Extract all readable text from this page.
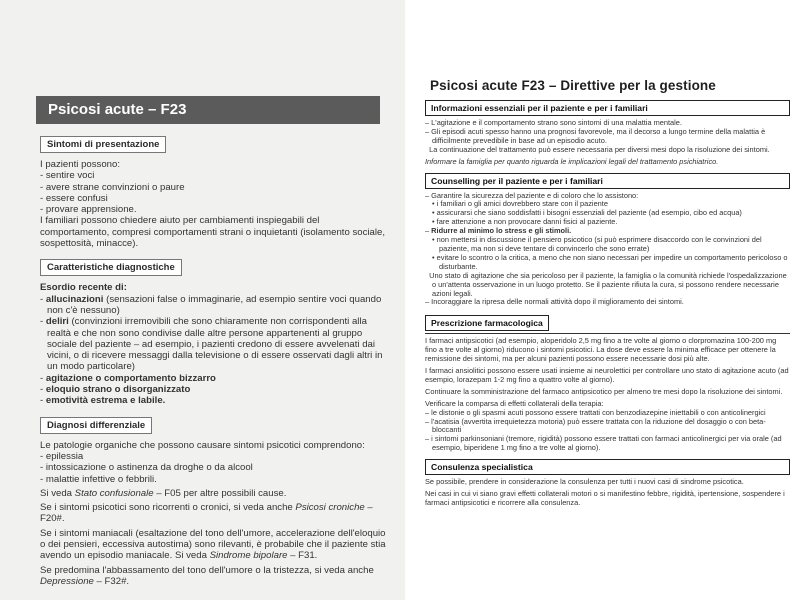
Psicosi acute – F23
Sintomi di presentazione

I pazienti possono:

- sentire voci
- avere strane convinzioni o paure
- essere confusi
- provare apprensione.

I familiari possono chiedere aiuto per cambiamenti inspiegabili del comportamento, compresi comportamenti strani o inquietanti (isolamento sociale, sospettosità, minacce).

Caratteristiche diagnostiche

Esordio recente di:

- allucinazioni (sensazioni false o immaginarie, ad esempio sentire voci quando non c'è nessuno)
- deliri (convinzioni irremovibili che sono chiaramente non corrispondenti alla realtà e che non sono condivise dalle altre persone appartenenti al gruppo sociale del paziente – ad esempio, i pazienti credono di essere avvelenati dai vicini, o di ricevere messaggi dalla televisione o di essere osservati dagli altri in un modo particolare)
- agitazione o comportamento bizzarro
- eloquio strano o disorganizzato
- emotività estrema e labile.
Diagnosi differenziale

Le patologie organiche che possono causare sintomi psicotici comprendono:

- epilessia
- intossicazione o astinenza da droghe o da alcool
- malattie infettive o febbrili.

Si veda Stato confusionale – F05 per altre possibili cause.

Se i sintomi psicotici sono ricorrenti o cronici, si veda anche Psicosi croniche – F20#.

Se i sintomi maniacali (esaltazione del tono dell'umore, accelerazione dell'eloquio o dei pensieri, eccessiva autostima) sono rilevanti, è probabile che il paziente stia avendo un episodio maniacale. Si veda Sindrome bipolare – F31.

Se predomina l'abbassamento del tono dell'umore o la tristezza, si veda anche Depressione – F32#.

Psicosi acute F23 – Direttive per la gestione
Informazioni essenziali per il paziente e per i familiari
– L'agitazione e il comportamento strano sono sintomi di una malattia mentale.
– Gli episodi acuti spesso hanno una prognosi favorevole, ma il decorso a lungo termine della malattia è difficilmente prevedibile in base ad un episodio acuto.
La continuazione del trattamento può essere necessaria per diversi mesi dopo la risoluzione dei sintomi.

Informare la famiglia per quanto riguarda le implicazioni legali del trattamento psichiatrico.

Counselling per il paziente e per i familiari
– Garantire la sicurezza del paziente e di coloro che lo assistono:
• i familiari o gli amici dovrebbero stare con il paziente
• assicurarsi che siano soddisfatti i bisogni essenziali del paziente (ad esempio, cibo ed acqua)
• fare attenzione a non provocare danni fisici al paziente.
– Ridurre al minimo lo stress e gli stimoli.
• non mettersi in discussione il pensiero psicotico (si può esprimere disaccordo con le convinzioni del paziente, ma non si deve tentare di convincerlo che sono errate)
• evitare lo scontro o la critica, a meno che non siano necessari per impedire un comportamento pericoloso o disturbante.
Uno stato di agitazione che sia pericoloso per il paziente, la famiglia o la comunità richiede l'ospedalizzazione o un'attenta osservazione in un luogo protetto. Se il paziente rifiuta la cura, si possono rendere necessarie azioni legali.
– Incoraggiare la ripresa delle normali attività dopo il miglioramento dei sintomi.
Prescrizione farmacologica

I farmaci antipsicotici (ad esempio, aloperidolo 2,5 mg fino a tre volte al giorno o clorpromazina 100-200 mg fino a tre volte al giorno) riducono i sintomi psicotici. La dose deve essere la minima efficace per ottenere la remissione dei sintomi, ma per alcuni pazienti possono essere necessarie dosi più alte.

I farmaci ansiolitici possono essere usati insieme ai neurolettici per controllare uno stato di agitazione acuto (ad esempio, lorazepam 1-2 mg fino a quattro volte al giorno).

Continuare la somministrazione del farmaco antipsicotico per almeno tre mesi dopo la risoluzione dei sintomi.

Verificare la comparsa di effetti collaterali della terapia:

– le distonie o gli spasmi acuti possono essere trattati con benzodiazepine iniettabili o con anticolinergici
– l'acatisia (avvertita irrequietezza motoria) può essere trattata con la riduzione del dosaggio o con beta-bloccanti
– i sintomi parkinsoniani (tremore, rigidità) possono essere trattati con farmaci anticolinergici per via orale (ad esempio, biperidene 1 mg fino a tre volte al giorno).
Consulenza specialistica

Se possibile, prendere in considerazione la consulenza per tutti i nuovi casi di sindrome psicotica.

Nei casi in cui vi siano gravi effetti collaterali motori o si manifestino febbre, rigidità, ipertensione, sospendere i farmaci antipsicotici e ricorrere alla consulenza.
